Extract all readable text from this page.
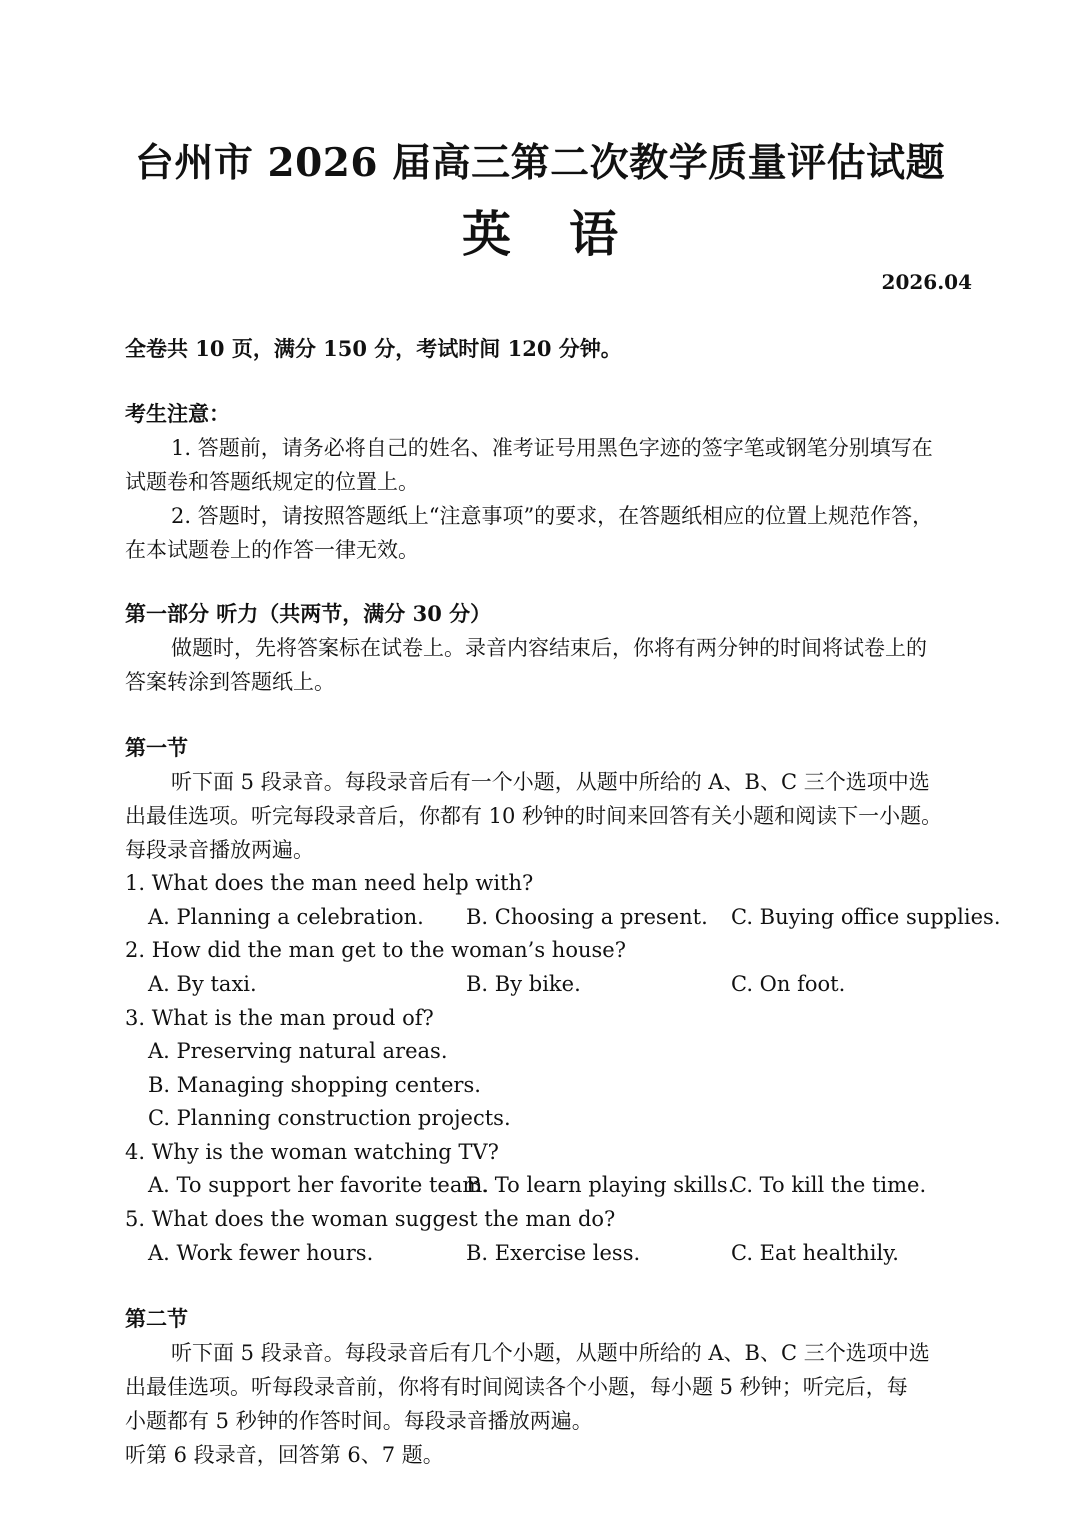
台州市 2026 届高三第二次教学质量评估试题
英语
2026.04
全卷共 10 页，满分 150 分，考试时间 120 分钟。
考生注意：
1. 答题前，请务必将自己的姓名、准考证号用黑色字迹的签字笔或钢笔分别填写在
试题卷和答题纸规定的位置上。
2. 答题时，请按照答题纸上“注意事项”的要求，在答题纸相应的位置上规范作答，
在本试题卷上的作答一律无效。
第一部分 听力（共两节，满分 30 分）
做题时，先将答案标在试卷上。录音内容结束后，你将有两分钟的时间将试卷上的
答案转涂到答题纸上。
第一节
听下面 5 段录音。每段录音后有一个小题，从题中所给的 A、B、C 三个选项中选
出最佳选项。听完每段录音后，你都有 10 秒钟的时间来回答有关小题和阅读下一小题。
每段录音播放两遍。
1. What does the man need help with?
A. Planning a celebration. B. Choosing a present. C. Buying office supplies.
2. How did the man get to the woman’s house?
A. By taxi.	B. By bike.	C. On foot.
3. What is the man proud of?
A. Preserving natural areas.
B. Managing shopping centers.
C. Planning construction projects.
4. Why is the woman watching TV?
A. To support her favorite team.
B. To learn playing skills.
C. To kill the time.
5. What does the woman suggest the man do?
A. Work fewer hours.	B. Exercise less.	C. Eat healthily.
第二节
听下面 5 段录音。每段录音后有几个小题，从题中所给的 A、B、C 三个选项中选
出最佳选项。听每段录音前，你将有时间阅读各个小题，每小题 5 秒钟；听完后，每
小题都有 5 秒钟的作答时间。每段录音播放两遍。
听第 6 段录音，回答第 6、7 题。
